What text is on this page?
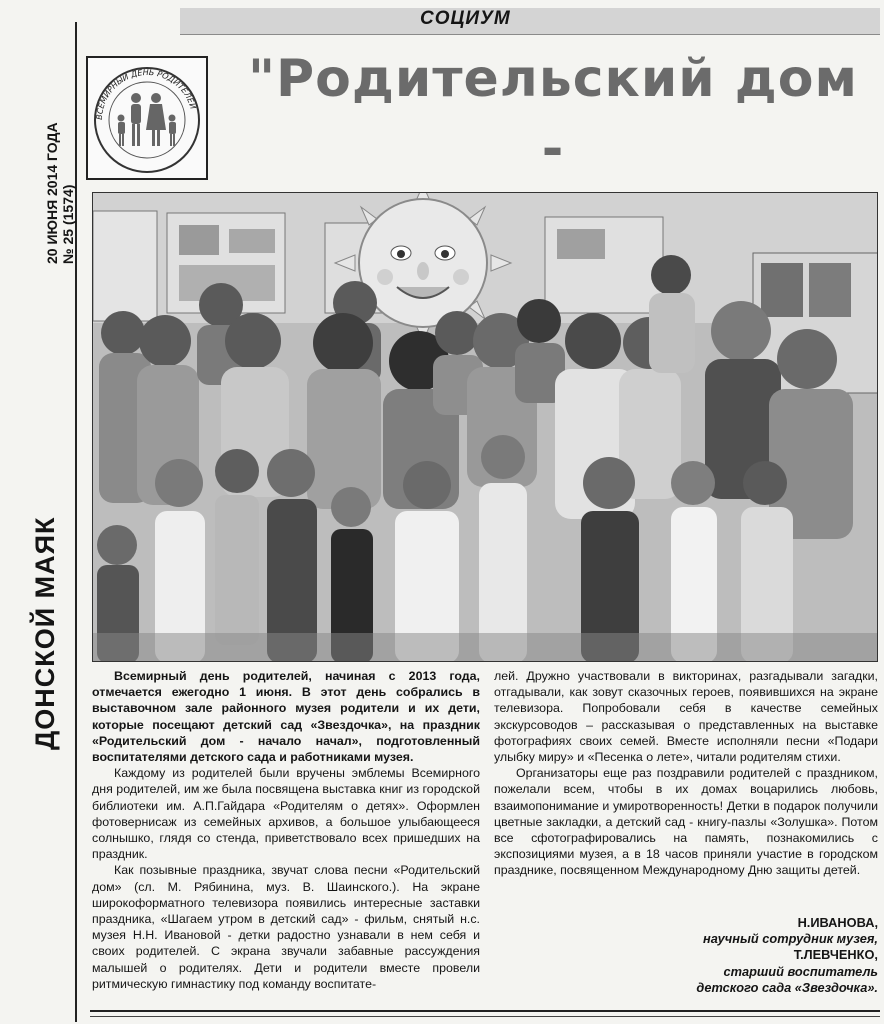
СОЦИУМ
20 ИЮНЯ 2014 ГОДА № 25 (1574)
ДОНСКОЙ МАЯК
ВСЕМИРНЫЙ ДЕНЬ РОДИТЕЛЕЙ "Родительский дом -

Всемирный день родителей, начиная с 2013 года, отмечается ежегодно 1 июня. В этот день собрались в выставочном зале районного музея родители и их дети, которые посещают детский сад «Звездочка», на праздник «Родительский дом - начало начал», подготовленный воспитателями детского сада и работниками музея.

Каждому из родителей были вручены эмблемы Всемирного дня родителей, им же была посвящена выставка книг из городской библиотеки им. А.П.Гайдара «Родителям о детях». Оформлен фотовернисаж из семейных архивов, а большое улыбающееся солнышко, глядя со стенда, приветствовало всех пришедших на праздник.

Как позывные праздника, звучат слова песни «Родительский дом» (сл. М. Рябинина, муз. В. Шаинского.). На экране широкоформатного телевизора появились интересные заставки праздника, «Шагаем утром в детский сад» - фильм, снятый н.с. музея Н.Н. Ивановой - детки радостно узнавали в нем себя и своих родителей. С экрана звучали забавные рассуждения малышей о родителях. Дети и родители вместе провели ритмическую гимнастику под команду воспитате-

лей. Дружно участвовали в викторинах, разгадывали загадки, отгадывали, как зовут сказочных героев, появившихся на экране телевизора. Попробовали себя в качестве семейных экскурсоводов – рассказывая о представленных на выставке фотографиях своих семей. Вместе исполняли песни «Подари улыбку миру» и «Песенка о лете», читали родителям стихи.

Организаторы еще раз поздравили родителей с праздником, пожелали всем, чтобы в их домах воцарились любовь, взаимопонимание и умиротворенность! Детки в подарок получили цветные закладки, а детский сад - книгу-пазлы «Золушка». Потом все сфотографировались на память, познакомились с экспозициями музея, а в 18 часов приняли участие в городском празднике, посвященном Международному Дню защиты детей.

Н.ИВАНОВА,
научный сотрудник музея,
Т.ЛЕВЧЕНКО,
старший воспитатель
детского сада «Звездочка».
